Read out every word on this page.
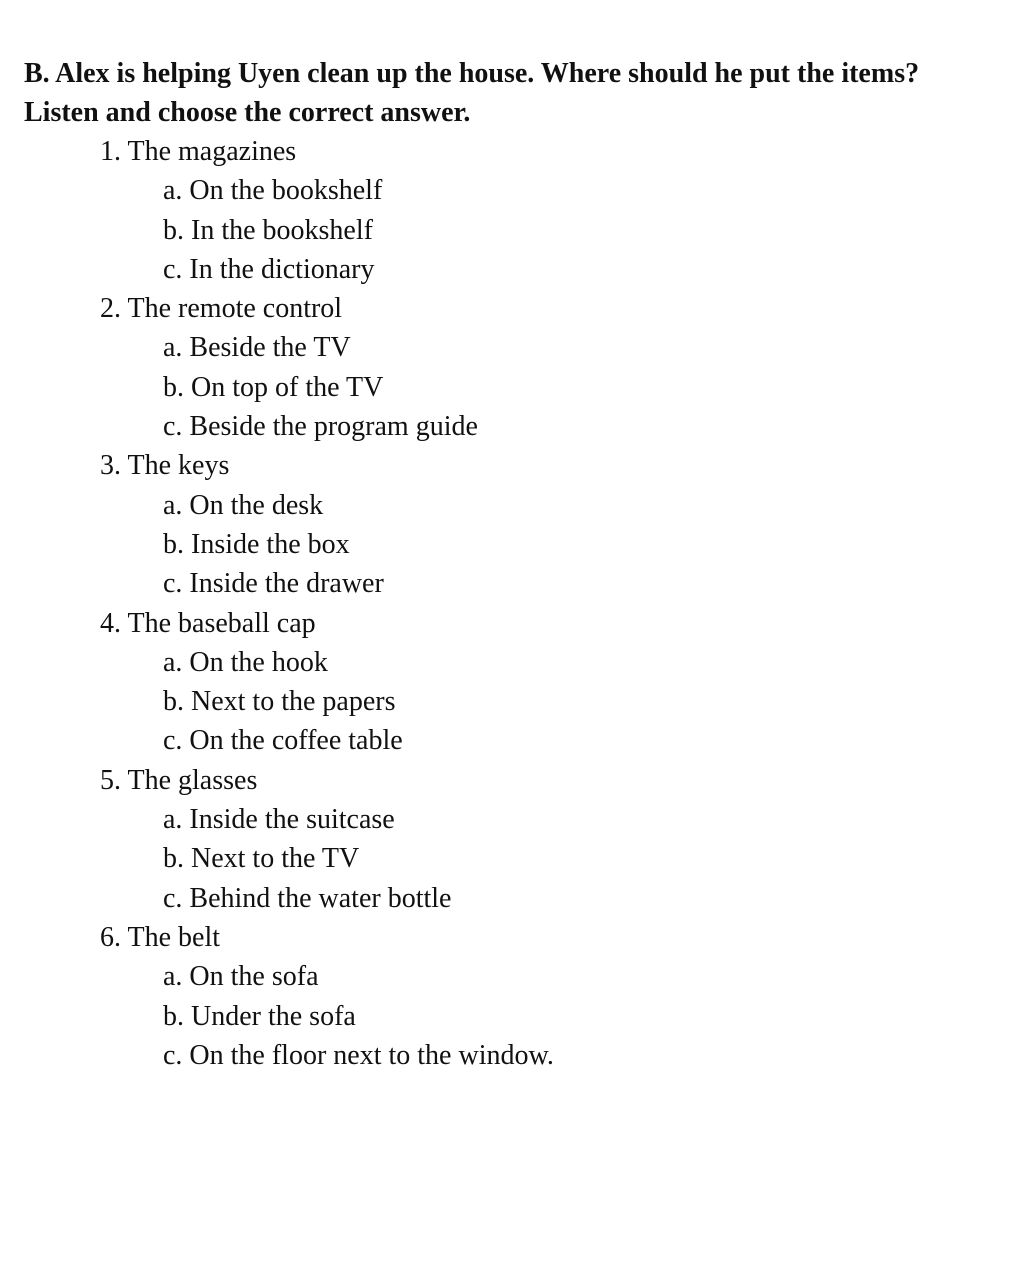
B. Alex is helping Uyen clean up the house. Where should he put the items?

Listen and choose the correct answer.

1. The magazines
a. On the bookshelf
b. In the bookshelf
c. In the dictionary
2. The remote control
a. Beside the TV
b. On top of the TV
c. Beside the program guide
3. The keys
a. On the desk
b. Inside the box
c. Inside the drawer
4. The baseball cap
a. On the hook
b. Next to the papers
c. On the coffee table
5. The glasses
a. Inside the suitcase
b. Next to the TV
c. Behind the water bottle
6. The belt
a. On the sofa
b. Under the sofa
c. On the floor next to the window.
